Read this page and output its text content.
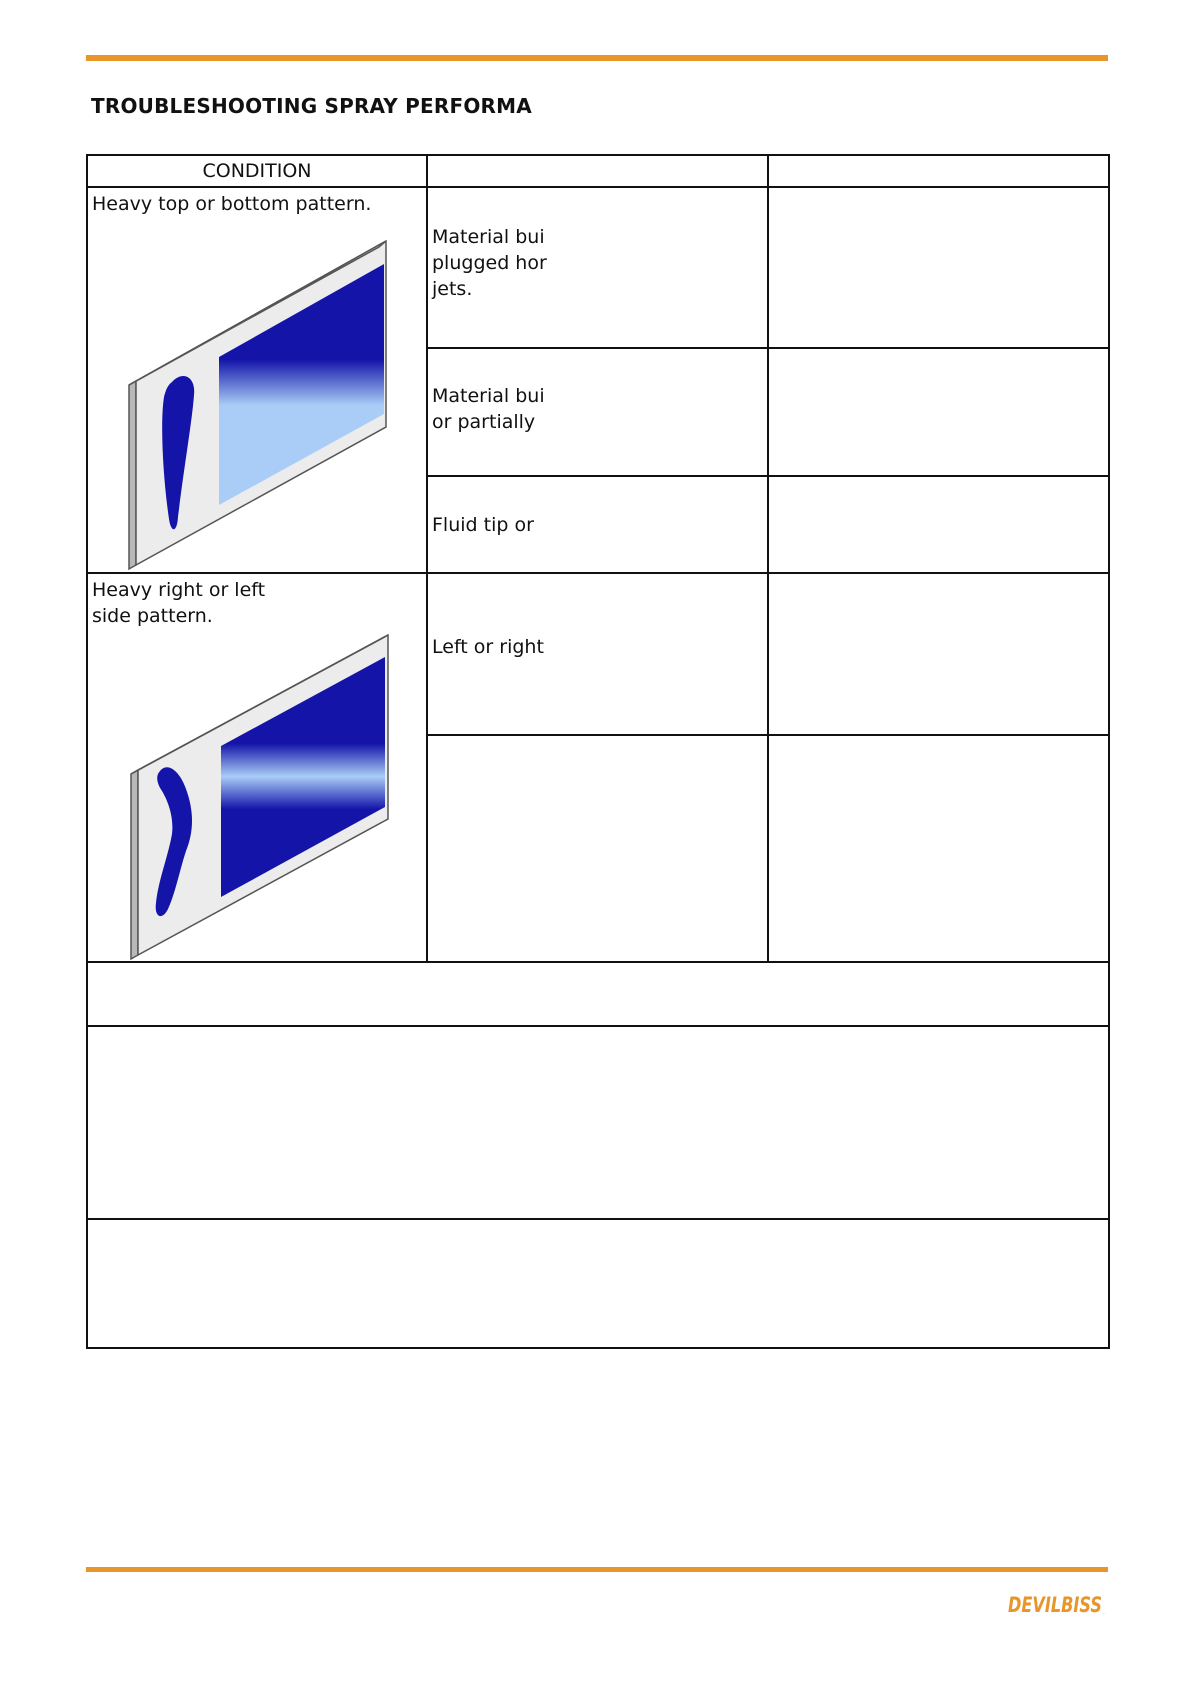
TROUBLESHOOTING SPRAY PERFORMA
CONDITION		

Heavy top or bottom pattern.	Material bui
plugged hor
jets.	

	Material bui
or partially	

	Fluid tip or	

Heavy right or left
side pattern.	Left or right	

DEVILBISS .
